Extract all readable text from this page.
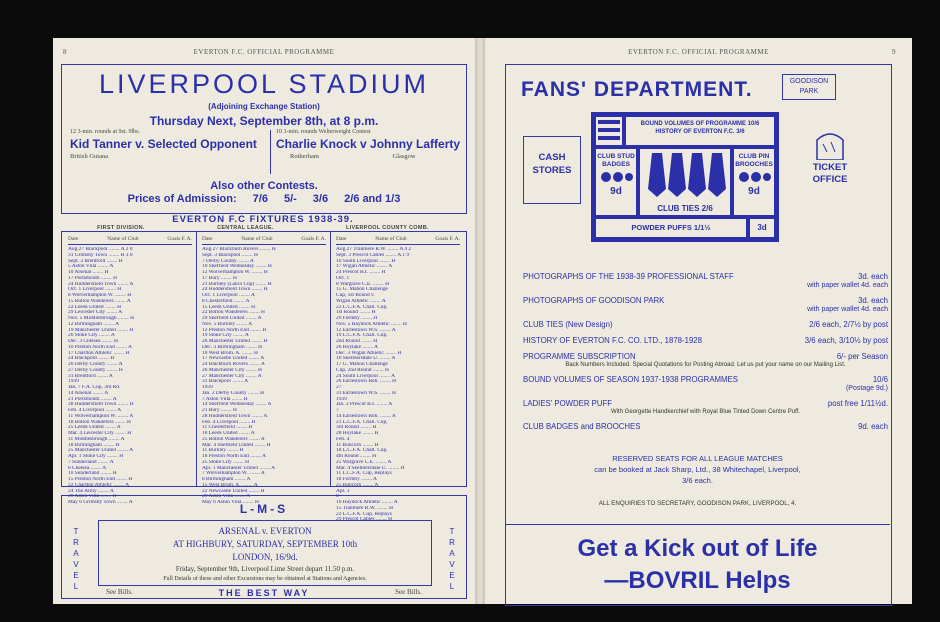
8	EVERTON F.C. OFFICIAL PROGRAMME
LIVERPOOL STADIUM
(Adjoining Exchange Station)
Thursday Next, September 8th, at 8 p.m.
12 3-min. rounds at 9st. 9lbs.
Kid Tanner v. Selected Opponent
British Guiana
10 3-min. rounds Welterweight Contest
Charlie Knock v Johnny Lafferty
Rotherham	Glasgow
Also other Contests.
Prices of Admission: 7/6 5/- 3/6 2/6 and 1/3
EVERTON F.C FIXTURES 1938-39.
FIRST DIVISION.	CENTRAL LEAGUE.	LIVERPOOL COUNTY COMB.
Date	Name of Club	Goals F. A.
Aug.27 Blackpool ........ A 2 0
31 Grimsby Town ........ H 3 0
Sept. 3 Brentford ........ H
5 Aston Villa ........ A
10 Arsenal ........ H
17 Portsmouth ........ H
24 Huddersfield Town ........ A
Oct. 1 Liverpool ........ H
8 Wolverhampton W. ........ H
15 Bolton Wanderers ........ A
22 Leeds United ........ H
29 Leicester City ........ A
Nov. 5 Middlesbrough ........ H
12 Birmingham ........ A
19 Manchester United ........ H
26 Stoke City ........ A
Dec. 3 Chelsea ........ H
10 Preston North End ........ A
17 Charlton Athletic ........ H
24 Blackpool ........ H
26 Derby County ........ A
27 Derby County ........ H
31 Brentford ........ A
1939
Jan. 7 F.A. Cup, 3rd Rd.
14 Arsenal ........ A
21 Portsmouth ........ A
28 Huddersfield Town ........ H
Feb. 4 Liverpool ........ A
11 Wolverhampton W. ........ A
18 Bolton Wanderers ........ H
25 Leeds United ........ A
Mar. 4 Leicester City ........ H
11 Middlesbrough ........ A
18 Birmingham ........ H
25 Manchester United ........ A
Apl. 1 Stoke City ........ H
7 Sunderland ........ A
8 Chelsea ........ A
10 Sunderland ........ H
15 Preston North End ........ H
22 Charlton Athletic ........ A
24 The Army ........ A
29 Aston Villa ........ H
May 6 Grimsby Town ........ A
Date	Name of Club	Goals F. A.
Aug.27 Blackburn Rovers ........ H
Sept. 3 Blackpool ........ H
7 Derby County ........ A
10 Sheffield Wednesday ........ H
12 Wolverhampton W. ........ H
17 Bury ........ H
21 Burnley (Lancs Cup) ........ H
24 Huddersfield Town ........ H
Oct. 1 Liverpool ........ A
8 Chesterfield ........ A
15 Leeds United ........ H
22 Bolton Wanderers ........ H
29 Sheffield United ........ A
Nov. 5 Burnley ........ A
12 Preston North End ........ H
19 Stoke City ........ A
26 Manchester United ........ H
Dec. 3 Birmingham ........ H
10 West Brom. A. ........ H
17 Newcastle United ........ A
24 Blackburn Rovers ........ A
26 Manchester City ........ H
27 Manchester City ........ A
31 Blackpool ........ A
1939
Jan. 2 Derby County ........ H
7 Aston Villa ........ H
14 Sheffield Wednesday ........ A
21 Bury ........ H
28 Huddersfield Town ........ A
Feb. 4 Liverpool ........ H
11 Chesterfield ........ H
18 Leeds United ........ A
25 Bolton Wanderers ........ A
Mar. 4 Sheffield United ........ H
11 Burnley ........ H
18 Preston North End ........ A
25 Stoke City ........ H
Apl. 1 Manchester United ........ A
7 Wolverhampton W. ........ A
8 Birmingham ........ A
15 West Brom. A. ........ A
22 Newcastle United ........ H
29 Aston Villa ........ A
May 6 Aston Villa ........ H
Date	Name of Club	Goals F. A.
Aug.27 Tranmere R.W. ........ A 4 2
Sept. 3 Prescot Cables ........ A 1 9
10 South Liverpool ........ H
17 Wigan Athletic ........ A
24 Prescot B.I. ........ H
Oct. 1
8 Wargrave C.E. ........ H
15 G. Mahon Challenge
Cup, 1st Round v.
Wigan Athletic ........ A
22 L.C.F.A. Chall. Cup,
1st Round ........ H
29 Formby ........ H
Nov. 5 Haydock Athletic ........ H
12 Earlestown W.S. ........ A
19 L.C.F.A. Chall. Cup,
2nd Round ........ H
26 Hoylake ........ A
Dec. 3 Wigan Athletic ........ H
10 Skelmersdale U. ........ A
17 G. Mahon Challenge
Cup, 2nd Round ........ H
24 South Liverpool ........ A
26 Earlestown Boh. ........ H
27
31 Earlestown W.S. ........ H
1939
Jan. 2 Prescot B.I. ........ A
7
14 Earlestown Boh. ........ A
21 L.C.F.A. Chall. Cup,
3rd Round ........ H
28 Hoylake ........ H
Feb. 4
11 Runcorn ........ H
18 L.C.F.A. Chall. Cup,
4th Round ........ H
25 Wargrave C.E. ........ A
Mar. 4 Skelmersdale U. ........ H
11 L.C.F.A. Cup, Replays
18 Formby ........ A
25 Runcorn ........ A
Apl. 1
8
10 Haydock Athletic ........ A
15 Tranmere R.W. ........ H
22 L.C.F.A. Cup, Replays
29 Prescot Cables ........ H
L-M-S
TRAVEL
TRAVEL
ARSENAL v. EVERTON
AT HIGHBURY, SATURDAY, SEPTEMBER 10th
LONDON, 16/9d.
Friday, September 9th, Liverpool Lime Street depart 11.50 p.m.
Full Details of these and other Excursions may be obtained at Stations and Agencies.
See Bills.	THE BEST WAY	See Bills.
EVERTON F.C. OFFICIAL PROGRAMME	9
FANS' DEPARTMENT.	GOODISON PARK
CASH STORES
BOUND VOLUMES OF PROGRAMME 10/6
HISTORY OF EVERTON F.C. 3/6
CLUB STUD BADGES
9d
CLUB TIES 2/6
CLUB PIN BROOCHES
9d
POWDER PUFFS 1/1½	3d
TICKET OFFICE
PHOTOGRAPHS OF THE 1938-39 PROFESSIONAL STAFF	3d. each
with paper wallet 4d. each
PHOTOGRAPHS OF GOODISON PARK	3d. each
with paper wallet 4d. each
CLUB TIES (New Design)	2/6 each, 2/7½ by post
HISTORY OF EVERTON F.C. CO. LTD., 1878-1928	3/6 each, 3/10½ by post
PROGRAMME SUBSCRIPTION	6/- per Season
Back Numbers Included. Special Quotations for Posting Abroad. Let us put your name on our Mailing List.
BOUND VOLUMES OF SEASON 1937-1938 PROGRAMMES	10/6
(Postage 9d.)
LADIES' POWDER PUFF	post free 1/11½d.
With Georgette Handkerchief with Royal Blue Tinted Down Centre Puff.
CLUB BADGES and BROOCHES	9d. each
RESERVED SEATS FOR ALL LEAGUE MATCHES
can be booked at Jack Sharp, Ltd., 38 Whitechapel, Liverpool,
3/6 each.
ALL ENQUIRIES TO SECRETARY, GOODISON PARK, LIVERPOOL, 4.
Get a Kick out of Life
—BOVRIL Helps
